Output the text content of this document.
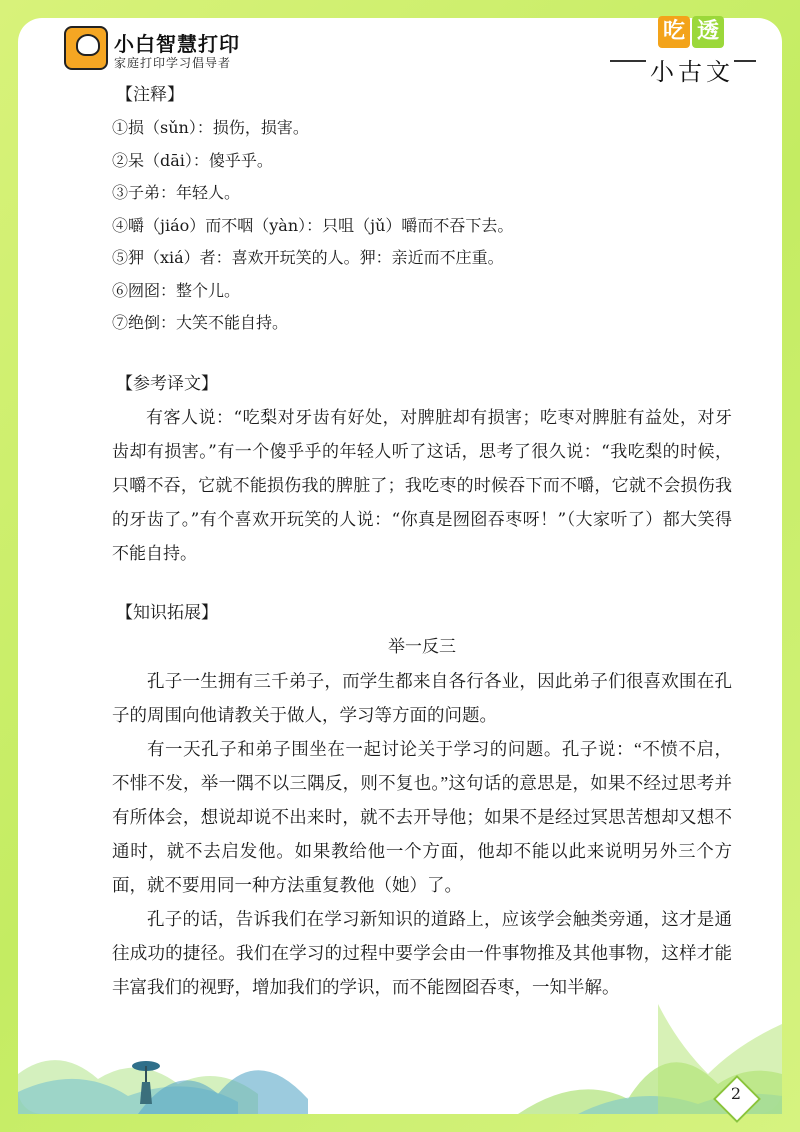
小白智慧打印
家庭打印学习倡导者
吃 透
小古文

【注释】

①损（sǔn）：损伤，损害。

②呆（dāi）：傻乎乎。

③子弟：年轻人。

④嚼（jiáo）而不咽（yàn）：只咀（jǔ）嚼而不吞下去。

⑤狎（xiá）者：喜欢开玩笑的人。狎：亲近而不庄重。

⑥囫囵：整个儿。

⑦绝倒：大笑不能自持。

【参考译文】

有客人说：“吃梨对牙齿有好处，对脾脏却有损害；吃枣对脾脏有益处，对牙齿却有损害。”有一个傻乎乎的年轻人听了这话，思考了很久说：“我吃梨的时候，只嚼不吞，它就不能损伤我的脾脏了；我吃枣的时候吞下而不嚼，它就不会损伤我的牙齿了。”有个喜欢开玩笑的人说：“你真是囫囵吞枣呀！”（大家听了）都大笑得不能自持。

【知识拓展】

举一反三

孔子一生拥有三千弟子，而学生都来自各行各业，因此弟子们很喜欢围在孔子的周围向他请教关于做人，学习等方面的问题。

有一天孔子和弟子围坐在一起讨论关于学习的问题。孔子说：“不愤不启，不悱不发，举一隅不以三隅反，则不复也。”这句话的意思是，如果不经过思考并有所体会，想说却说不出来时，就不去开导他；如果不是经过冥思苦想却又想不通时，就不去启发他。如果教给他一个方面，他却不能以此来说明另外三个方面，就不要用同一种方法重复教他（她）了。

孔子的话，告诉我们在学习新知识的道路上，应该学会触类旁通，这才是通往成功的捷径。我们在学习的过程中要学会由一件事物推及其他事物，这样才能丰富我们的视野，增加我们的学识，而不能囫囵吞枣，一知半解。

2
